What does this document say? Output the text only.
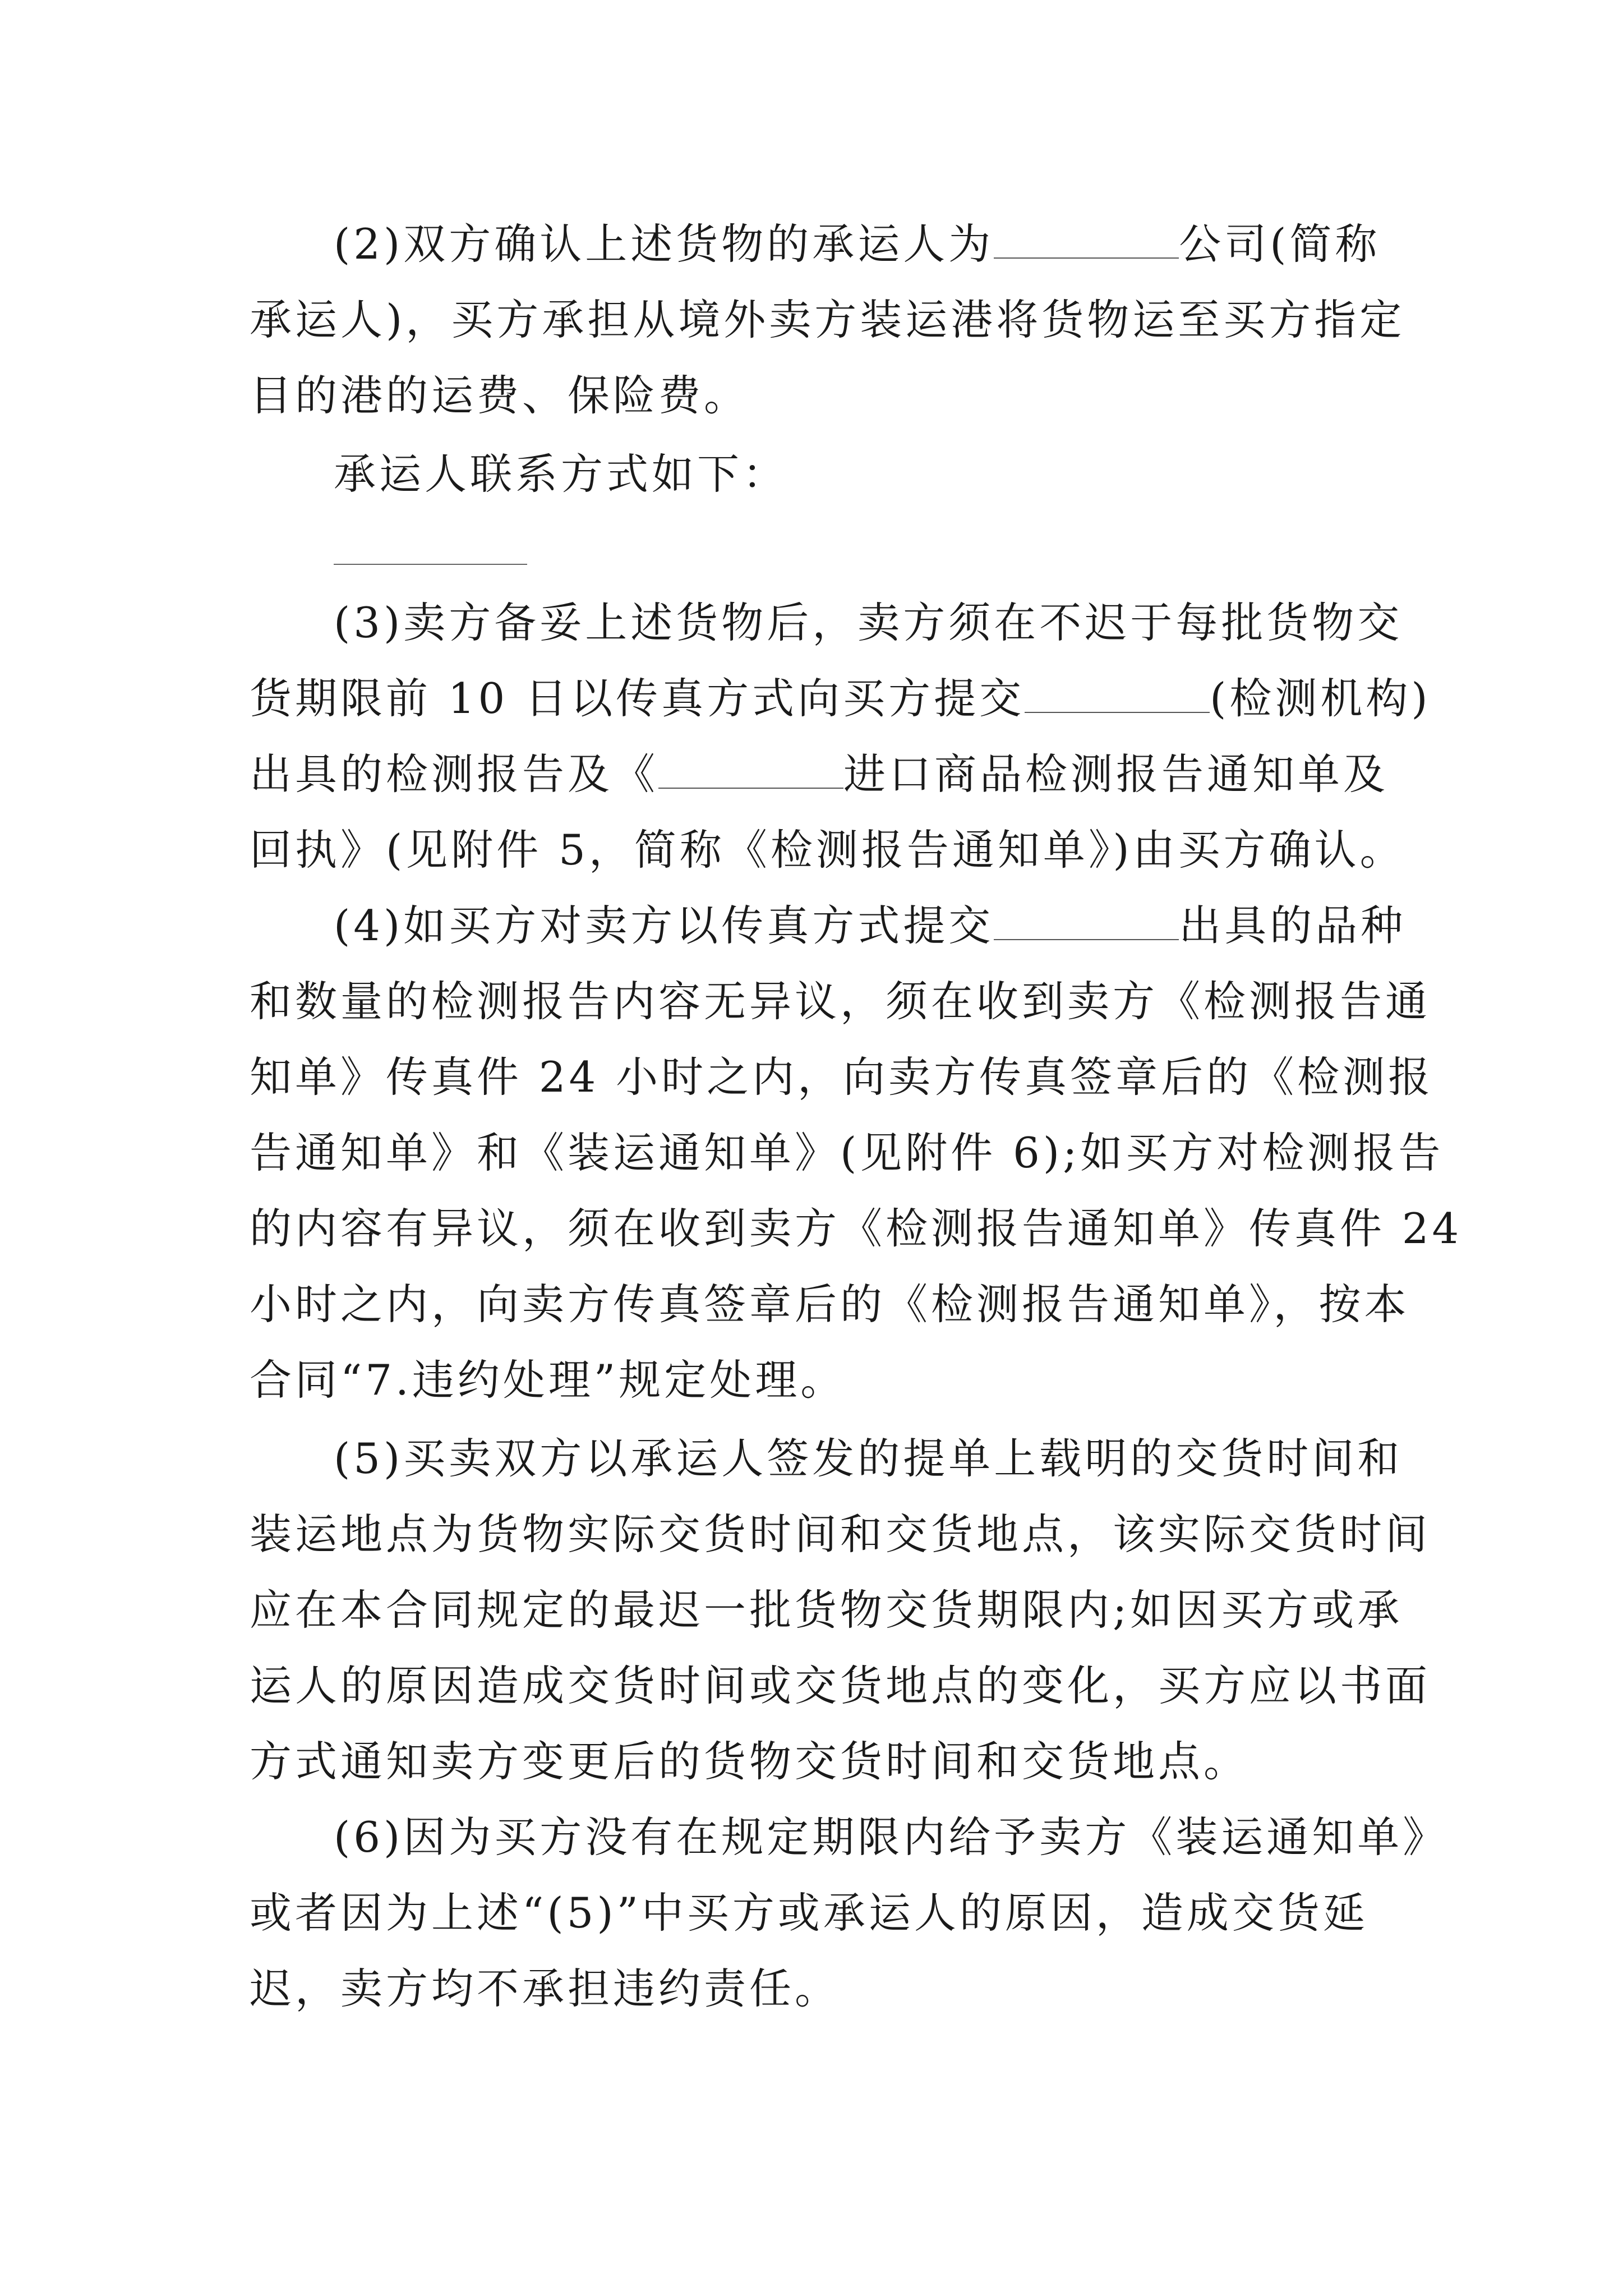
(2)双方确认上述货物的承运人为	公司(简称
承运人)，买方承担从境外卖方装运港将货物运至买方指定
目的港的运费、保险费。
承运人联系方式如下：
(3)卖方备妥上述货物后，卖方须在不迟于每批货物交
货期限前 10 日以传真方式向买方提交	(检测机构)
出具的检测报告及《	进口商品检测报告通知单及
回执》(见附件 5，简称《检测报告通知单》)由买方确认。
(4)如买方对卖方以传真方式提交	出具的品种
和数量的检测报告内容无异议，须在收到卖方《检测报告通
知单》传真件 24 小时之内，向卖方传真签章后的《检测报
告通知单》和《装运通知单》(见附件 6);如买方对检测报告
的内容有异议，须在收到卖方《检测报告通知单》传真件 24
小时之内，向卖方传真签章后的《检测报告通知单》，按本
合同“7.违约处理”规定处理。
(5)买卖双方以承运人签发的提单上载明的交货时间和
装运地点为货物实际交货时间和交货地点，该实际交货时间
应在本合同规定的最迟一批货物交货期限内;如因买方或承
运人的原因造成交货时间或交货地点的变化，买方应以书面
方式通知卖方变更后的货物交货时间和交货地点。
(6)因为买方没有在规定期限内给予卖方《装运通知单》
或者因为上述“(5)”中买方或承运人的原因，造成交货延
迟，卖方均不承担违约责任。
